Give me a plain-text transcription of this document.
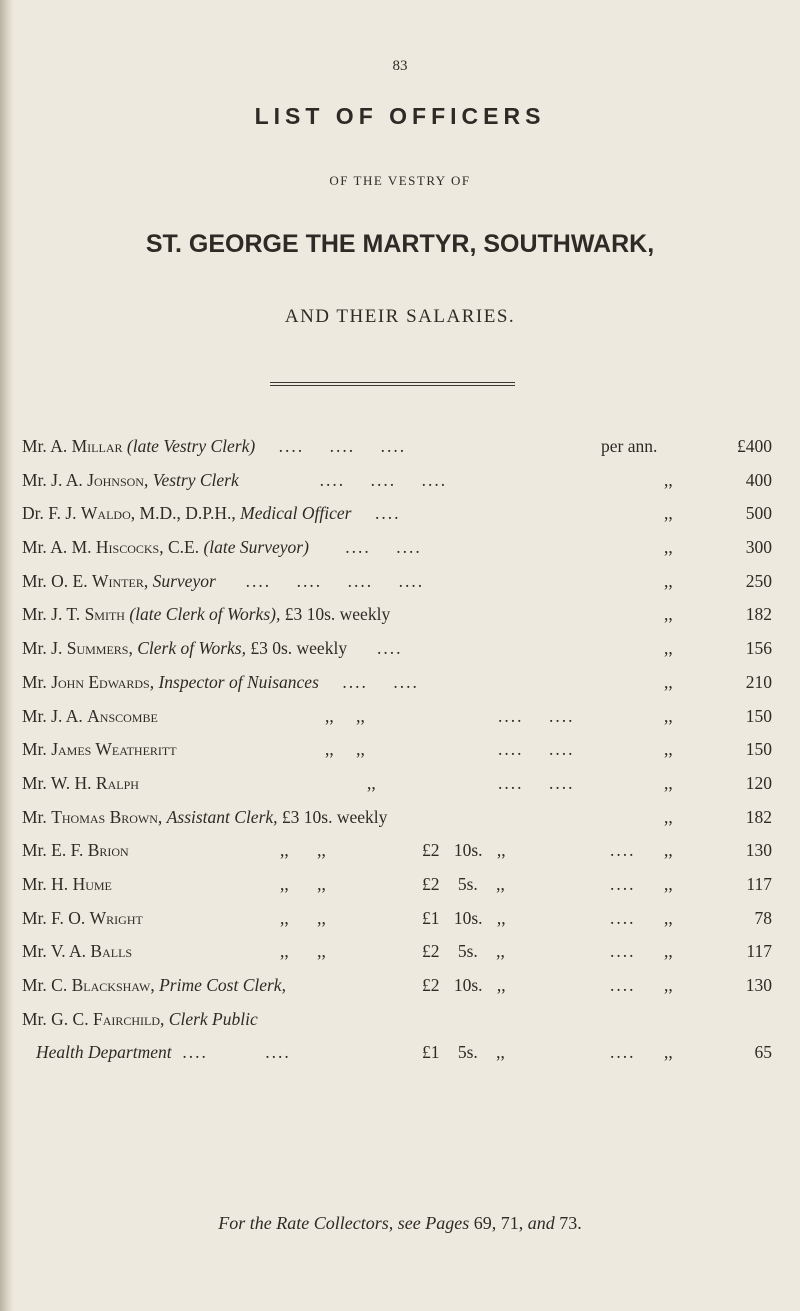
83
LIST OF OFFICERS
OF THE VESTRY OF
ST. GEORGE THE MARTYR, SOUTHWARK,
AND THEIR SALARIES.
Mr. A. Millar (late Vestry Clerk)    ....    ....    ....	per ann.	£400
Mr. J. A. Johnson, Vestry Clerk             ....    ....    ....	,,	400
Dr. F. J. Waldo, M.D., D.P.H., Medical Officer    ....	,,	500
Mr. A. M. Hiscocks, C.E. (late Surveyor)      ....    ....	,,	300
Mr. O. E. Winter, Surveyor     ....    ....    ....    ....	,,	250
Mr. J. T. Smith (late Clerk of Works), £3 10s. weekly	,,	182
Mr. J. Summers, Clerk of Works, £3 0s. weekly     ....	,,	156
Mr. John Edwards, Inspector of Nuisances    ....    ....	,,	210
Mr. J. A. Anscombe	,, ,,	....    ....	,,	150
Mr. James Weatheritt	,, ,,	....    ....	,,	150
Mr. W. H. Ralph	,,	....    ....	,,	120
Mr. Thomas Brown, Assistant Clerk, £3 10s. weekly	,,	182
Mr. E. F. Brion	,, ,,	£2 10s. ,,	.... ,,	130
Mr. H. Hume	,, ,,	£2 5s. ,,	.... ,,	117
Mr. F. O. Wright	,, ,,	£1 10s. ,,	.... ,,	78
Mr. V. A. Balls	,, ,,	£2 5s. ,,	.... ,,	117
Mr. C. Blackshaw, Prime Cost Clerk,	£2 10s. ,,	.... ,,	130
Mr. G. C. Fairchild, Clerk Public
Health Department  ....         ....	£1 5s. ,,	.... ,,	65
For the Rate Collectors, see Pages 69, 71, and 73.
